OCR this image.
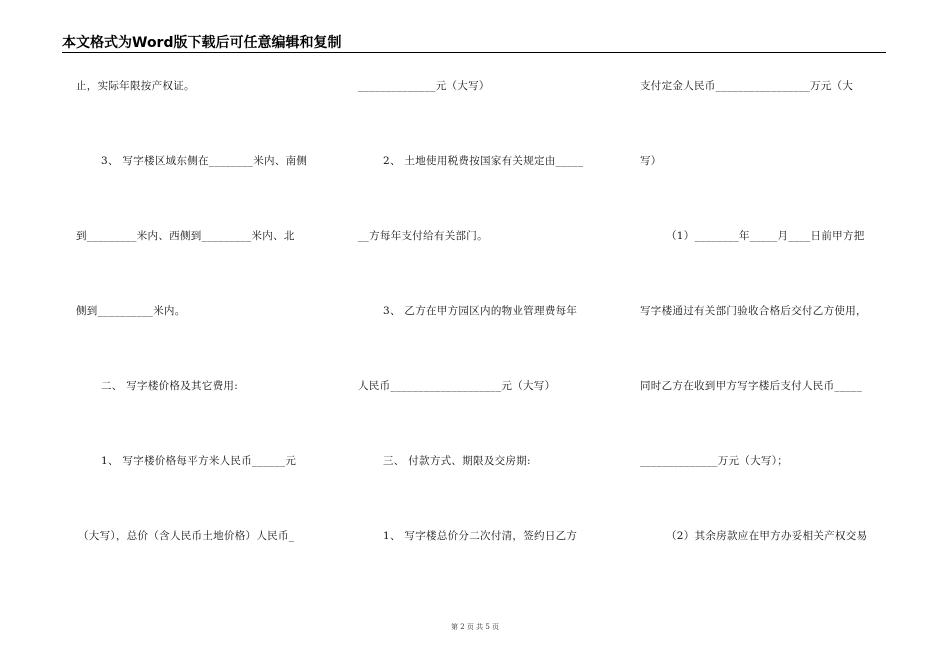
本文格式为Word版下载后可任意编辑和复制
止，实际年限按产权证。
3、 写字楼区域东侧在________米内、南侧
到_________米内、西侧到_________米内、北
侧到__________米内。
二、 写字楼价格及其它费用:
1、 写字楼价格每平方米人民币______元
（大写），总价（含人民币土地价格）人民币_
______________元（大写）
2、 土地使用税费按国家有关规定由_____
__方每年支付给有关部门。
3、 乙方在甲方园区内的物业管理费每年
人民币____________________元（大写）
三、 付款方式、期限及交房期:
1、 写字楼总价分二次付清，签约日乙方
支付定金人民币_________________万元（大
写）
（1）________年_____月____日前甲方把
写字楼通过有关部门验收合格后交付乙方使用，
同时乙方在收到甲方写字楼后支付人民币_____
______________万元（大写）；
（2）其余房款应在甲方办妥相关产权交易
第 2 页 共 5 页
